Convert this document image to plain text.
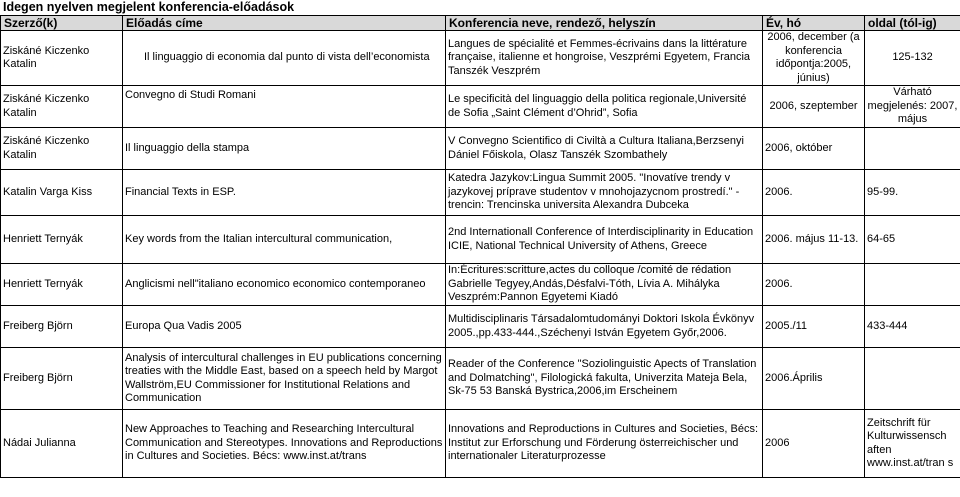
Idegen nyelven megjelent konferencia-előadások
Szerző(k)	Előadás címe	Konferencia neve, rendező, helyszín	Év, hó	oldal (tól-ig)
Ziskáné Kiczenko Katalin	Il linguaggio di economia dal punto di vista dell’economista	Langues de spécialité et Femmes-écrivains dans la littérature française, italienne et hongroise, Veszprémi Egyetem, Francia Tanszék Veszprém	2006, december (a konferencia időpontja:2005, június)	125-132
Ziskáné Kiczenko Katalin	Convegno di Studi Romani	Le specificità del linguaggio della politica regionale,Université de Sofia „Saint Clément d’Ohrid”, Sofia	2006, szeptember	Várható megjelenés: 2007, május
Ziskáné Kiczenko Katalin	Il linguaggio della stampa	V Convegno Scientifico di Civiltà a Cultura Italiana,Berzsenyi Dániel Főiskola, Olasz Tanszék Szombathely	2006, október	
Katalin Varga Kiss	Financial Texts in ESP.	Katedra Jazykov:Lingua Summit 2005. "Inovatíve trendy v jazykovej príprave studentov v mnohojazycnom prostredí." - trencin: Trencinska universita Alexandra Dubceka	2006.	95-99.
Henriett Ternyák	Key words from the Italian intercultural communication,	2nd Internationall Conference of Interdisciplinarity in Education ICIE, National Technical University of Athens, Greece	2006. május 11-13.	64-65
Henriett Ternyák	Anglicismi nell"italiano economico economico contemporaneo	In:Écritures:scritture,actes du colloque /comité de rédation Gabrielle Tegyey,Andás,Désfalvi-Tóth, Lívia A. Mihályka Veszprém:Pannon Egyetemi Kiadó	2006.	
Freiberg Björn	Europa Qua Vadis 2005	Multidisciplinaris Társadalomtudományi Doktori Iskola Évkönyv 2005.,pp.433-444.,Széchenyi István Egyetem Győr,2006.	2005./11	433-444
Freiberg Björn	Analysis of intercultural challenges in EU publications concerning treaties with the Middle East, based on a speech held by Margot Wallström,EU Commissioner for Institutional Relations and Communication	Reader of the Conference "Soziolinguistic Apects of Translation and Dolmatching", Filologická fakulta, Univerzita Mateja Bela, Sk-75 53 Banská Bystrica,2006,im Erscheinem	2006.Április	
Nádai Julianna	New Approaches to Teaching and Researching Intercultural Communication and Stereotypes. Innovations and Reproductions in Cultures and Societies. Bécs: www.inst.at/trans	Innovations and Reproductions in Cultures and Societies, Bécs: Institut zur Erforschung und Förderung österreichischer und internationaler Literaturprozesse	2006	Zeitschrift für Kulturwissensch aften www.inst.at/tran s
